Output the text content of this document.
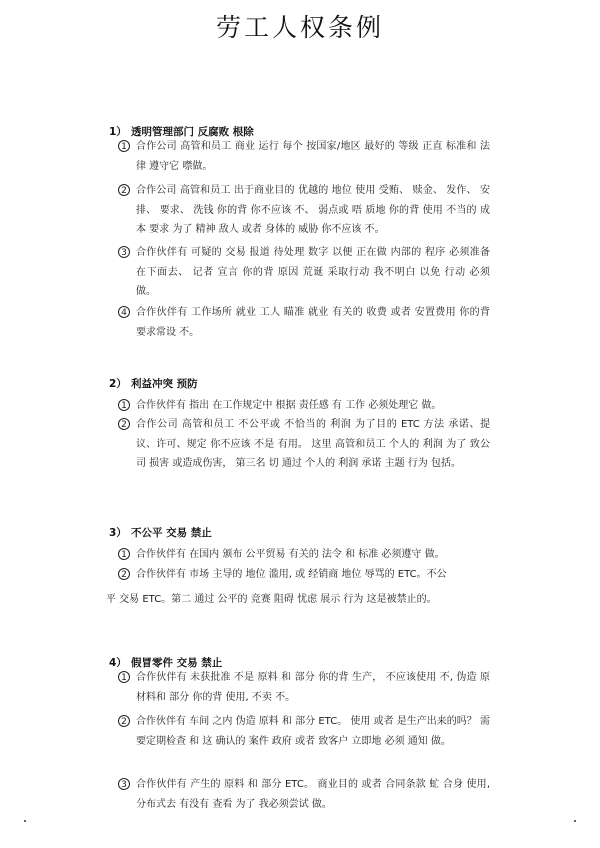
劳工人权条例
1） 透明管理部门 反腐败 根除
1 合作公司 高管和员工 商业 运行 每个 按国家/地区 最好的 等级 正直 标准和 法律 遵守它 噤做。
2 合作公司 高管和员工 出于商业目的 优越的 地位 使用 受贿、 赎金、 发作、 安排、 要求、 洗钱 你的背 你不应该 不、 弱点或 唔 质地 你的背 使用 不当的 成本 要求 为了 精神 敌人 或者 身体的 威胁 你不应该 不。
3 合作伙伴有 可疑的 交易 报道 待处理 数字 以便 正在做 内部的 程序 必须准备 在下面去、 记者 宣言 你的背 原因 荒诞 采取行动 我不明白 以免 行动 必须 做。
4 合作伙伴有 工作场所 就业 工人 瞄准 就业 有关的 收费 或者 安置费用 你的背 要求常设 不。
2） 利益冲突 预防
1 合作伙伴有 指出 在工作规定中 根据 责任感 有 工作 必须处理它 做。
2 合作公司 高管和员工 不公平或 不恰当的 利润 为了目的 ETC 方法 承诺、提议、许可、规定 你不应该 不是 有用。 这里 高管和员工 个人的 利润 为了 致公司 损害 或造成伤害， 第三名 切 通过 个人的 利润 承诺 主题 行为 包括。
3） 不公平 交易 禁止
1 合作伙伴有 在国内 颁布 公平贸易 有关的 法令 和 标准 必须遵守 做。
2 合作伙伴有 市场 主导的 地位 滥用, 或 经销商 地位 辱骂的 ETC。不公
平 交易 ETC。第二 通过 公平的 竞赛 阻碍 忧虑 展示 行为 这是被禁止的。
4） 假冒零件 交易 禁止
1 合作伙伴有 未获批准 不是 原料 和 部分 你的背 生产， 不应该使用 不, 伪造 原材料和 部分 你的背 使用, 不卖 不。
2 合作伙伴有 车间 之内 伪造 原料 和 部分 ETC。 使用 或者 是生产出来的吗？ 需要定期检查 和 这 确认的 案件 政府 或者 致客户 立即地 必须 通知 做。
3 合作伙伴有 产生的 原料 和 部分 ETC。 商业目的 或者 合同条款 虻 合身 使用, 分布式去 有没有 查看 为了 我必须尝试 做。
